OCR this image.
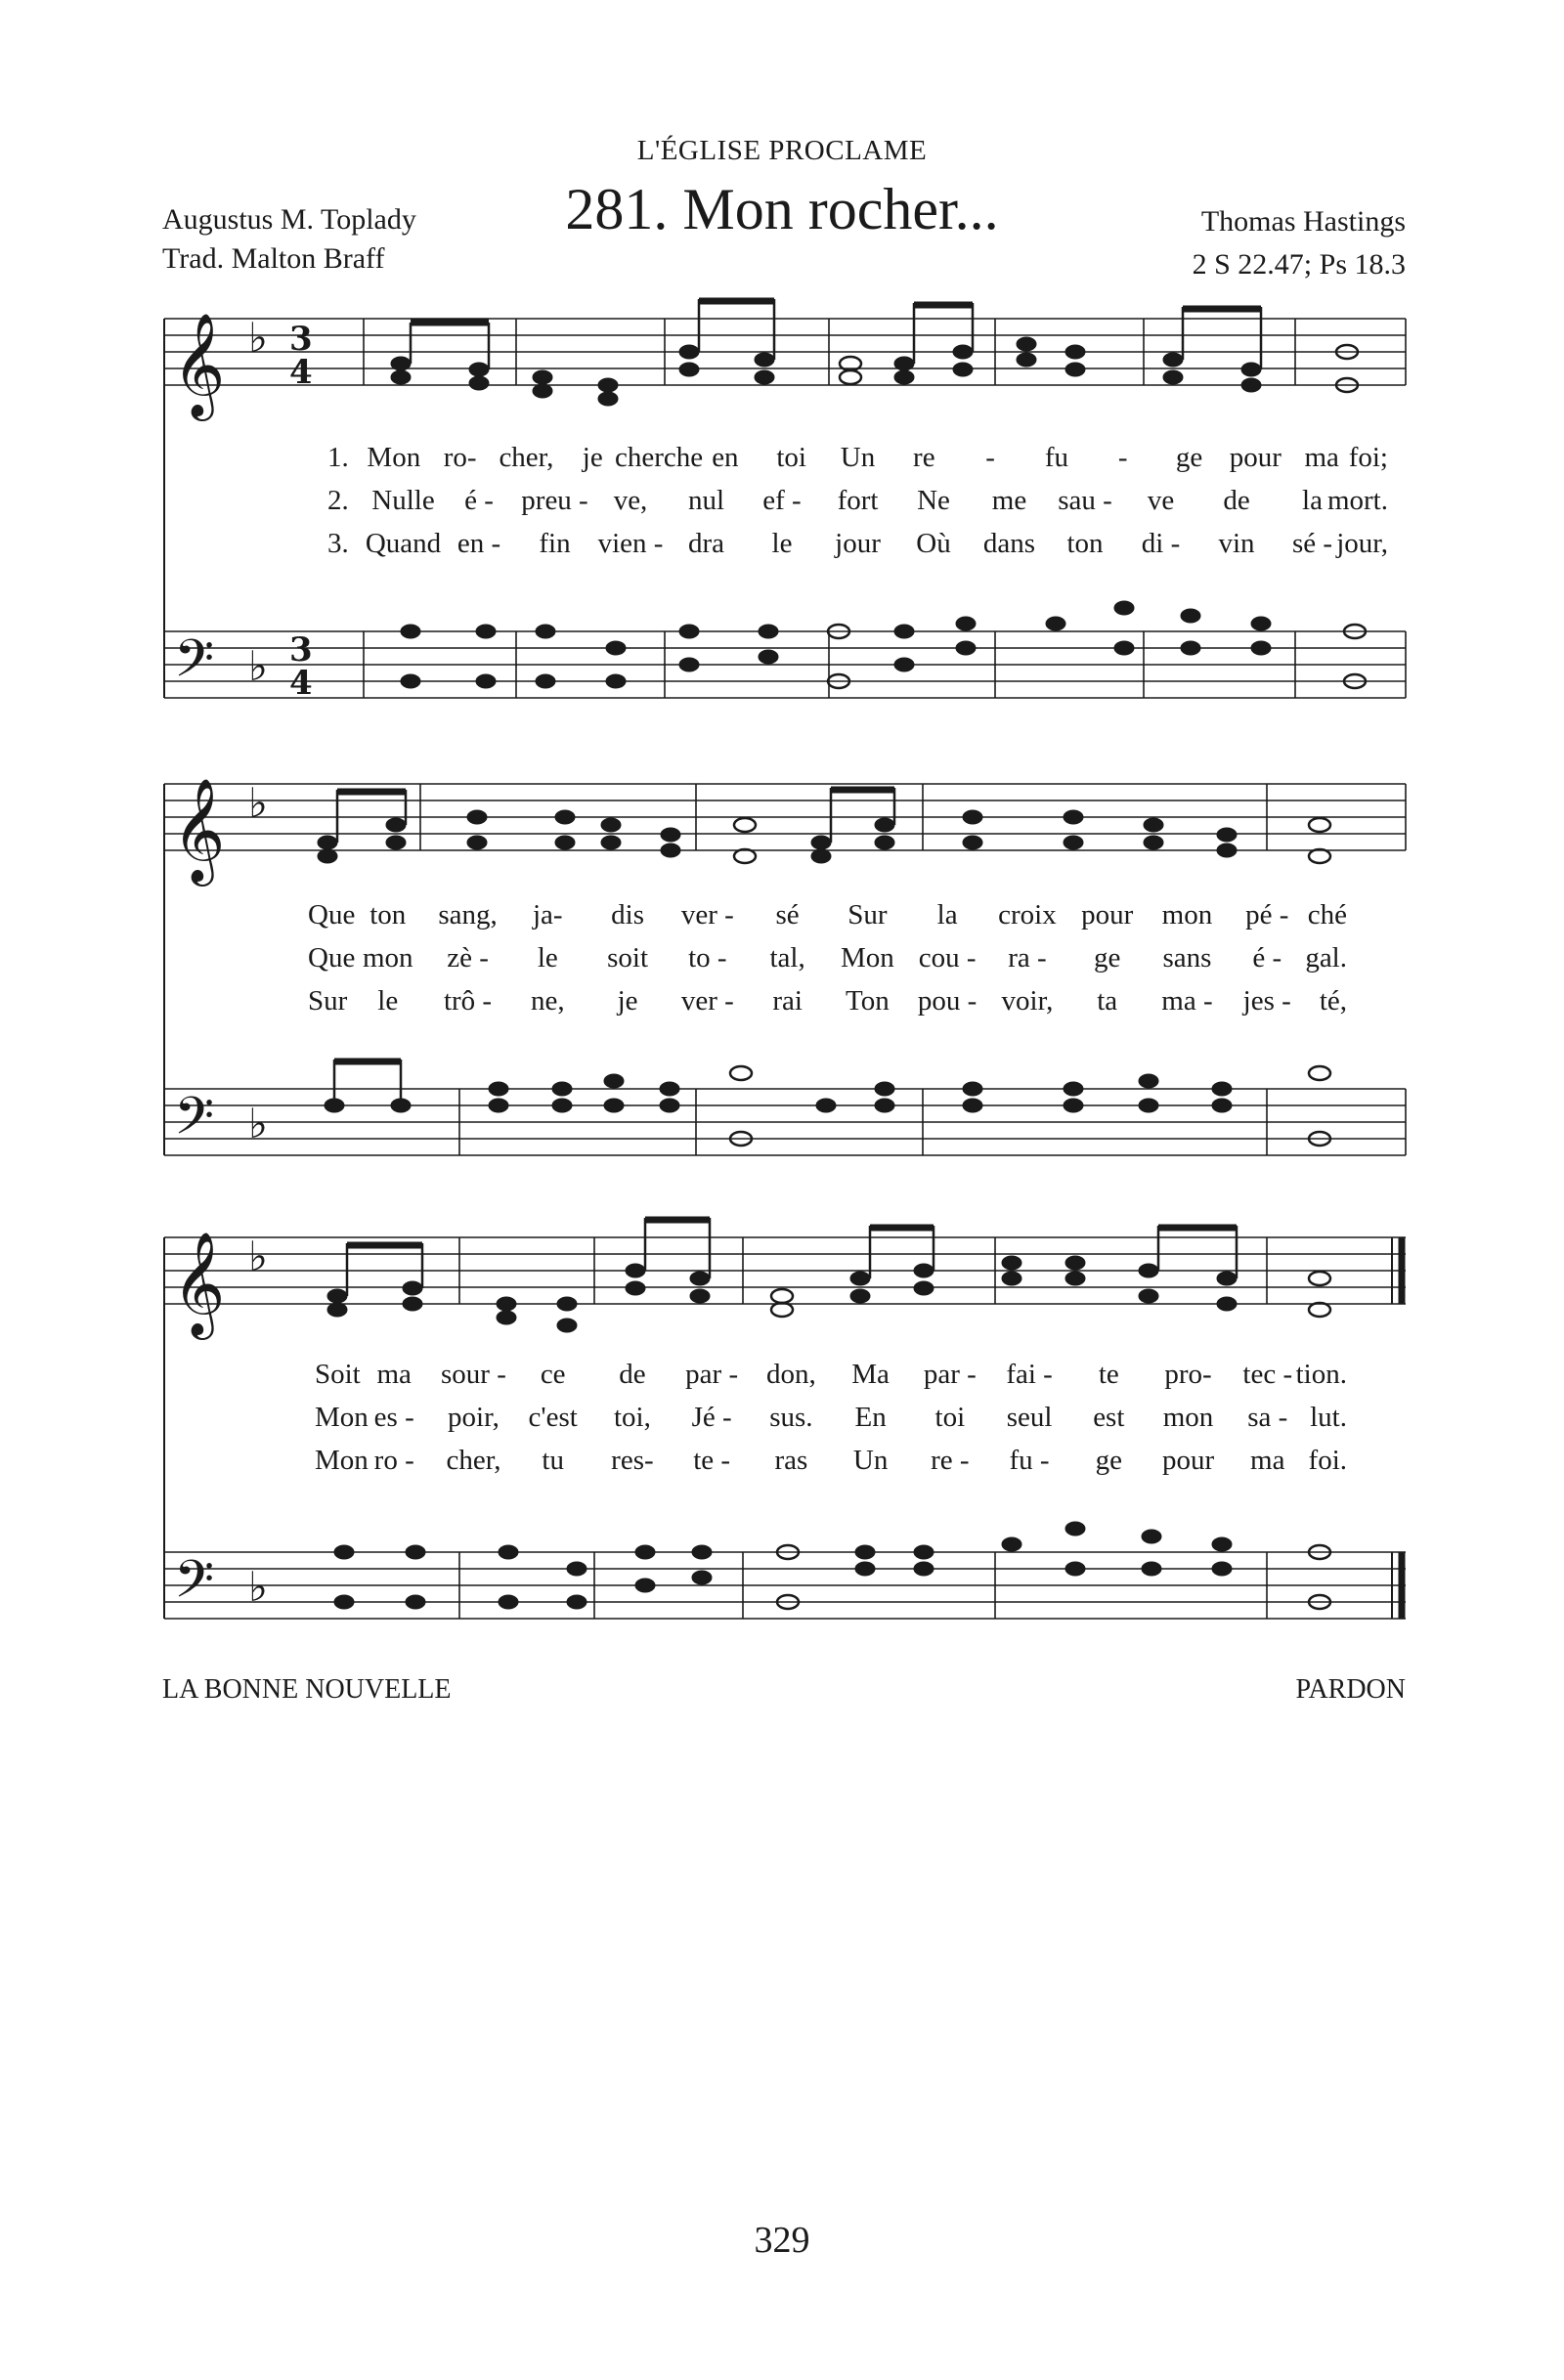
L'ÉGLISE PROCLAME
281. Mon rocher...
Augustus M. Toplady
Trad. Malton Braff
Thomas Hastings
2 S 22.47; Ps 18.3
𝄞 ♭ 3
4
𝄢 ♭ 3
4
1. Mon ro- cher, je cherche en toi Un re - fu - ge pour ma foi;
2. Nulle é - preu - ve, nul ef - fort Ne me sau - ve de la mort.
3. Quand en - fin vien - dra le jour Où dans ton di - vin sé - jour,
𝄞 ♭
𝄢 ♭
Que ton sang, ja- dis ver - sé Sur la croix pour mon pé - ché
Que mon zè - le soit to - tal, Mon cou - ra - ge sans é - gal.
Sur le trô - ne, je ver - rai Ton pou - voir, ta ma - jes - té,
𝄞 ♭
𝄢 ♭
Soit ma sour - ce de par - don, Ma par - fai - te pro- tec - tion.
Mon es - poir, c'est toi, Jé - sus. En toi seul est mon sa - lut.
Mon ro - cher, tu res- te - ras Un re - fu - ge pour ma foi.
LA BONNE NOUVELLE	PARDON
329
